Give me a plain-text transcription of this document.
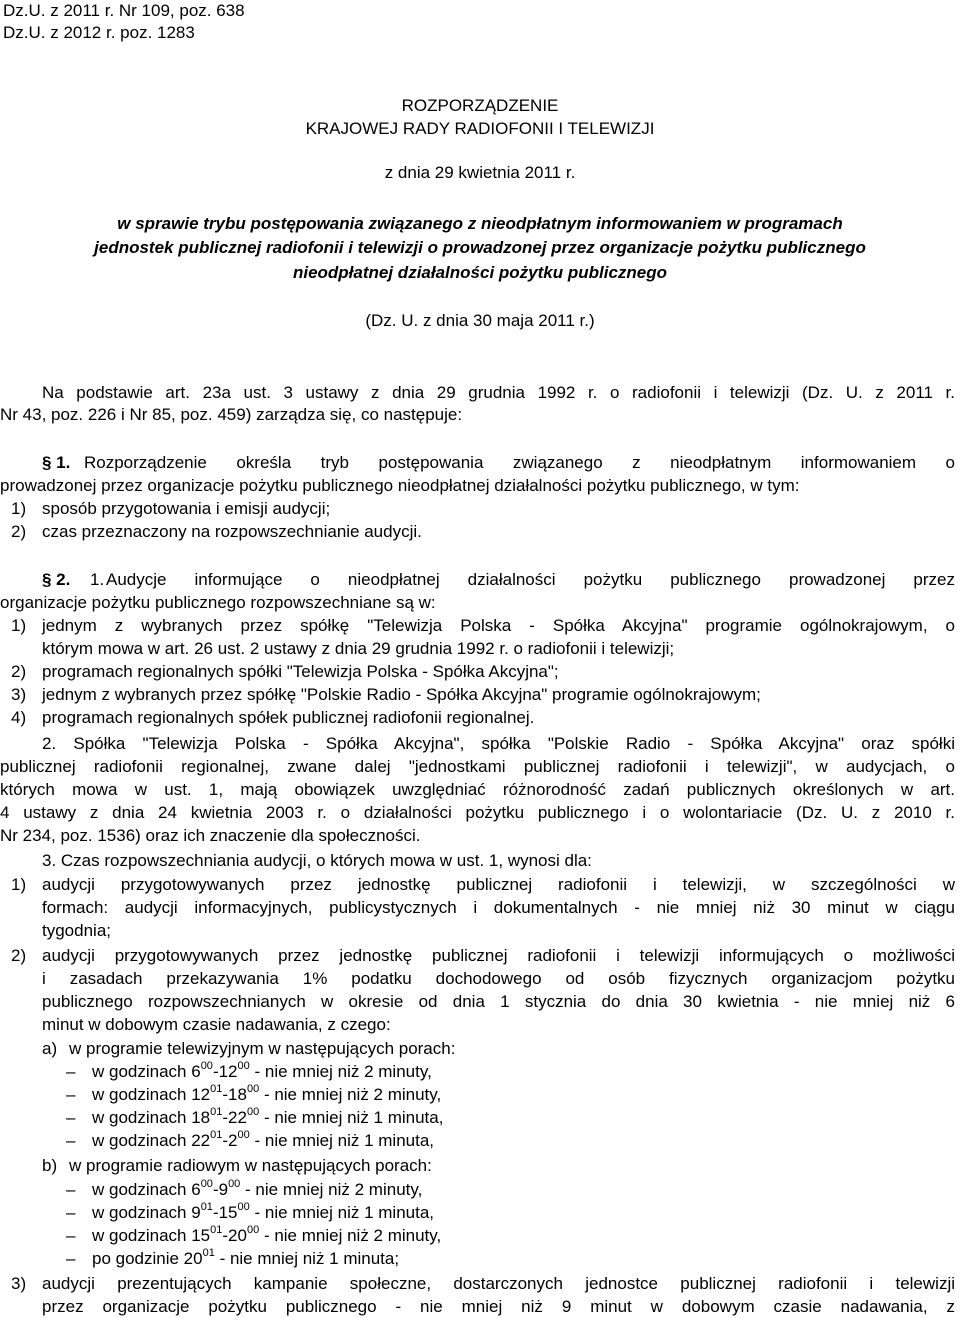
Dz.U. z 2011 r. Nr 109, poz. 638
Dz.U. z 2012 r. poz. 1283
ROZPORZĄDZENIE
KRAJOWEJ RADY RADIOFONII I TELEWIZJI
z dnia 29 kwietnia 2011 r.
w sprawie trybu postępowania związanego z nieodpłatnym informowaniem w programach
jednostek publicznej radiofonii i telewizji o prowadzonej przez organizacje pożytku publicznego
nieodpłatnej działalności pożytku publicznego
(Dz. U. z dnia 30 maja 2011 r.)
Na podstawie art. 23a ust. 3 ustawy z dnia 29 grudnia 1992 r. o radiofonii i telewizji (Dz. U. z 2011 r.
Nr 43, poz. 226 i Nr 85, poz. 459) zarządza się, co następuje:
§ 1. Rozporządzenie określa tryb postępowania związanego z nieodpłatnym informowaniem o
prowadzonej przez organizacje pożytku publicznego nieodpłatnej działalności pożytku publicznego, w tym:
1) sposób przygotowania i emisji audycji;
2) czas przeznaczony na rozpowszechnianie audycji.
§ 2. 1. Audycje informujące o nieodpłatnej działalności pożytku publicznego prowadzonej przez
organizacje pożytku publicznego rozpowszechniane są w:
1) jednym z wybranych przez spółkę "Telewizja Polska - Spółka Akcyjna" programie ogólnokrajowym, o
którym mowa w art. 26 ust. 2 ustawy z dnia 29 grudnia 1992 r. o radiofonii i telewizji;
2) programach regionalnych spółki "Telewizja Polska - Spółka Akcyjna";
3) jednym z wybranych przez spółkę "Polskie Radio - Spółka Akcyjna" programie ogólnokrajowym;
4) programach regionalnych spółek publicznej radiofonii regionalnej.
2. Spółka "Telewizja Polska - Spółka Akcyjna", spółka "Polskie Radio - Spółka Akcyjna" oraz spółki
publicznej radiofonii regionalnej, zwane dalej "jednostkami publicznej radiofonii i telewizji", w audycjach, o
których mowa w ust. 1, mają obowiązek uwzględniać różnorodność zadań publicznych określonych w art.
4 ustawy z dnia 24 kwietnia 2003 r. o działalności pożytku publicznego i o wolontariacie (Dz. U. z 2010 r.
Nr 234, poz. 1536) oraz ich znaczenie dla społeczności.
3. Czas rozpowszechniania audycji, o których mowa w ust. 1, wynosi dla:
1) audycji przygotowywanych przez jednostkę publicznej radiofonii i telewizji, w szczególności w
formach: audycji informacyjnych, publicystycznych i dokumentalnych - nie mniej niż 30 minut w ciągu
tygodnia;
2) audycji przygotowywanych przez jednostkę publicznej radiofonii i telewizji informujących o możliwości
i zasadach przekazywania 1% podatku dochodowego od osób fizycznych organizacjom pożytku
publicznego rozpowszechnianych w okresie od dnia 1 stycznia do dnia 30 kwietnia - nie mniej niż 6
minut w dobowym czasie nadawania, z czego:
a) w programie telewizyjnym w następujących porach:
– w godzinach $6^{00}-12^{00}$ - nie mniej niż 2 minuty,
– w godzinach $12^{01}-18^{00}$ - nie mniej niż 2 minuty,
– w godzinach $18^{01}-22^{00}$ - nie mniej niż 1 minuta,
– w godzinach $22^{01}-2^{00}$ - nie mniej niż 1 minuta,
b) w programie radiowym w następujących porach:
– w godzinach $6^{00}-9^{00}$ - nie mniej niż 2 minuty,
– w godzinach $9^{01}-15^{00}$ - nie mniej niż 1 minuta,
– w godzinach $15^{01}-20^{00}$ - nie mniej niż 2 minuty,
– po godzinie $20^{01}$ - nie mniej niż 1 minuta;
3) audycji prezentujących kampanie społeczne, dostarczonych jednostce publicznej radiofonii i telewizji
przez organizacje pożytku publicznego - nie mniej niż 9 minut w dobowym czasie nadawania, z
